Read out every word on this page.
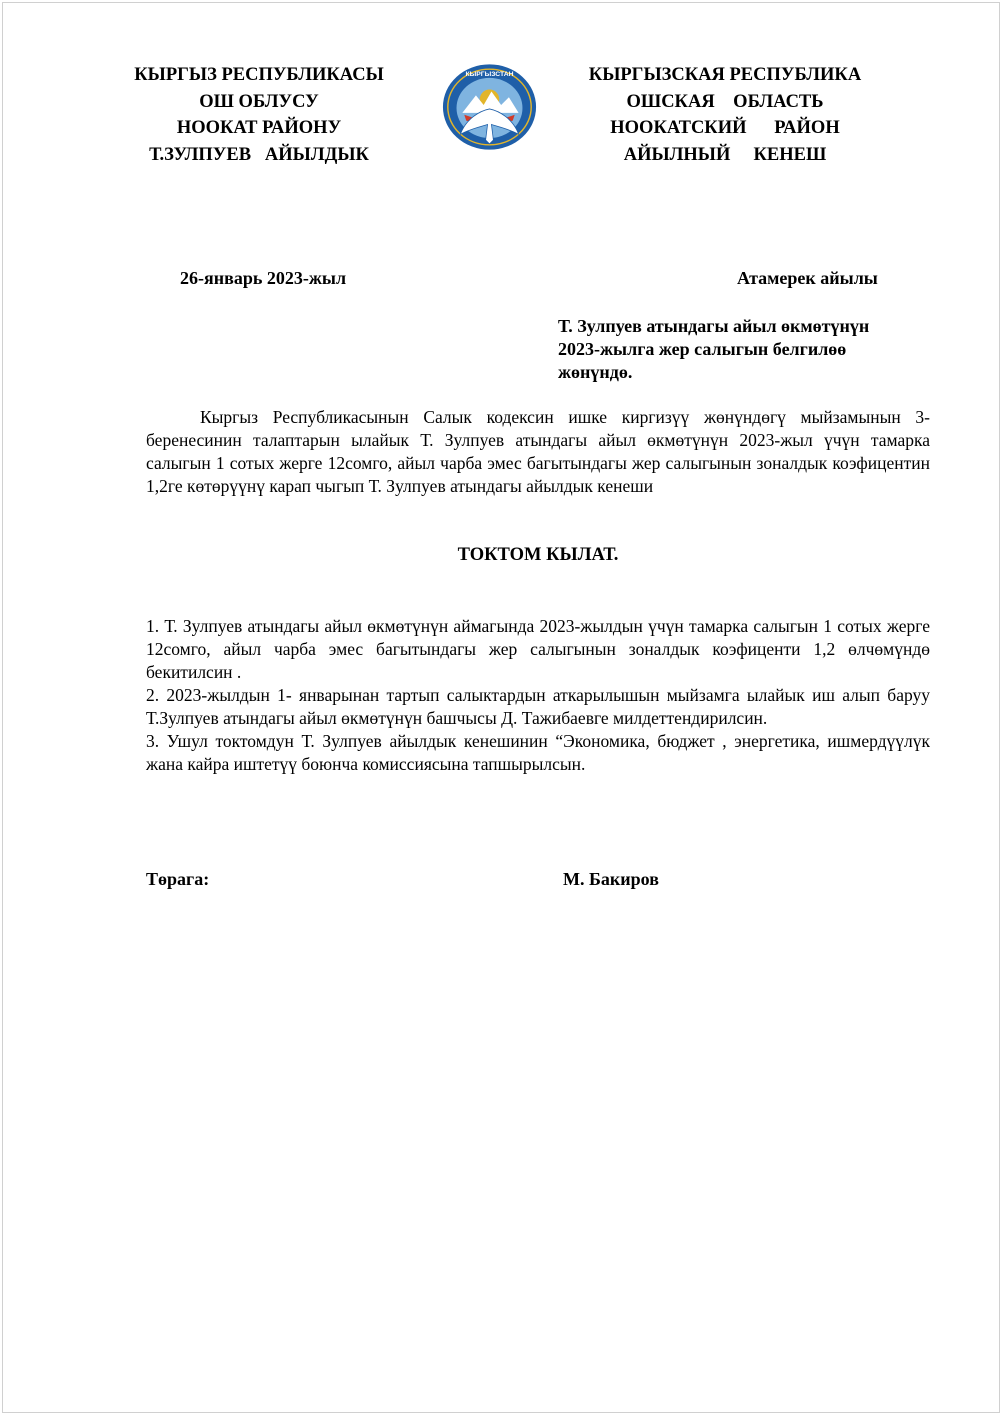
КЫРГЫЗ РЕСПУБЛИКАСЫ
ОШ ОБЛУСУ
НООКАТ РАЙОНУ
Т.ЗУЛПУЕВ   АЙЫЛДЫК
КЫРГЫЗСТАН	КЫРГЫЗСКАЯ РЕСПУБЛИКА
ОШСКАЯ    ОБЛАСТЬ
НООКАТСКИЙ      РАЙОН
АЙЫЛНЫЙ     КЕНЕШ
26-январь 2023-жыл	Атамерек айылы
Т. Зулпуев атындагы айыл өкмөтүнүн
2023-жылга жер салыгын белгилөө
жөнүндө.
Кыргыз Республикасынын Салык кодексин ишке киргизүү жөнүндөгү мыйзамынын 3-беренесинин талаптарын ылайык Т. Зулпуев атындагы айыл өкмөтүнүн 2023-жыл үчүн тамарка салыгын 1 сотых жерге 12сомго, айыл чарба эмес багытындагы жер салыгынын зоналдык коэфицентин 1,2ге көтөрүүнү карап чыгып Т. Зулпуев атындагы айылдык кенеши
ТОКТОМ КЫЛАТ.

1. Т. Зулпуев атындагы айыл өкмөтүнүн аймагында 2023-жылдын үчүн тамарка салыгын 1 сотых жерге 12сомго, айыл чарба эмес багытындагы жер салыгынын зоналдык коэфиценти 1,2 өлчөмүндө бекитилсин .

2. 2023-жылдын 1- январынан тартып салыктардын аткарылышын мыйзамга ылайык иш алып баруу Т.Зулпуев атындагы айыл өкмөтүнүн башчысы Д. Тажибаевге милдеттендирилсин.

3. Ушул токтомдун Т. Зулпуев айылдык кенешинин “Экономика, бюджет , энергетика, ишмердүүлүк жана кайра иштетүү боюнча комиссиясына тапшырылсын.

Төрага:	М. Бакиров
